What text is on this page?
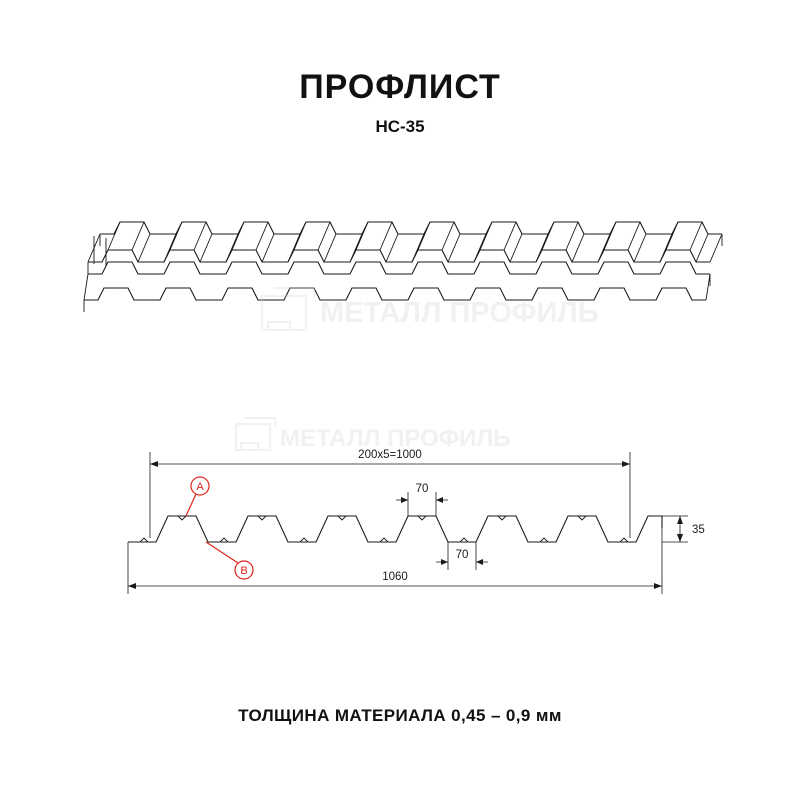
ПРОФЛИСТ
НС-35
200х5=1000
70
70
35
1060
A
B
МЕТАЛЛ ПРОФИЛЬ
МЕТАЛЛ ПРОФИЛЬ
ТОЛЩИНА МАТЕРИАЛА 0,45 – 0,9 мм
